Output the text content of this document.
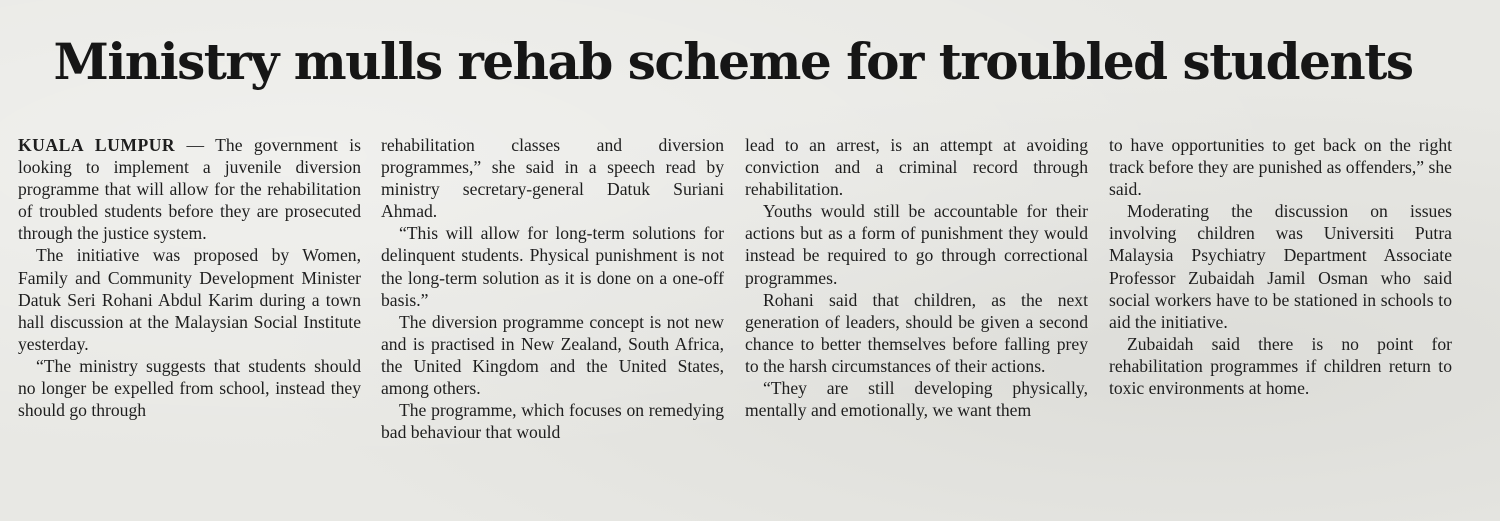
Ministry mulls rehab scheme for troubled students

KUALA LUMPUR — The government is looking to implement a juvenile diversion programme that will allow for the rehabilitation of troubled students before they are prosecuted through the justice system.

The initiative was proposed by Women, Family and Community Development Minister Datuk Seri Rohani Abdul Karim during a town hall discussion at the Malaysian Social Institute yesterday.

“The ministry suggests that students should no longer be expelled from school, instead they should go through

rehabilitation classes and diversion programmes,” she said in a speech read by ministry secretary-general Datuk Suriani Ahmad.

“This will allow for long-term solutions for delinquent students. Physical punishment is not the long-term solution as it is done on a one-off basis.”

The diversion programme concept is not new and is practised in New Zealand, South Africa, the United Kingdom and the United States, among others.

The programme, which focuses on remedying bad behaviour that would

lead to an arrest, is an attempt at avoiding conviction and a criminal record through rehabilitation.

Youths would still be accountable for their actions but as a form of punishment they would instead be required to go through correctional programmes.

Rohani said that children, as the next generation of leaders, should be given a second chance to better themselves before falling prey to the harsh circumstances of their actions.

“They are still developing physically, mentally and emotionally, we want them

to have opportunities to get back on the right track before they are punished as offenders,” she said.

Moderating the discussion on issues involving children was Universiti Putra Malaysia Psychiatry Department Associate Professor Zubaidah Jamil Osman who said social workers have to be stationed in schools to aid the initiative.

Zubaidah said there is no point for rehabilitation programmes if children return to toxic environments at home.
